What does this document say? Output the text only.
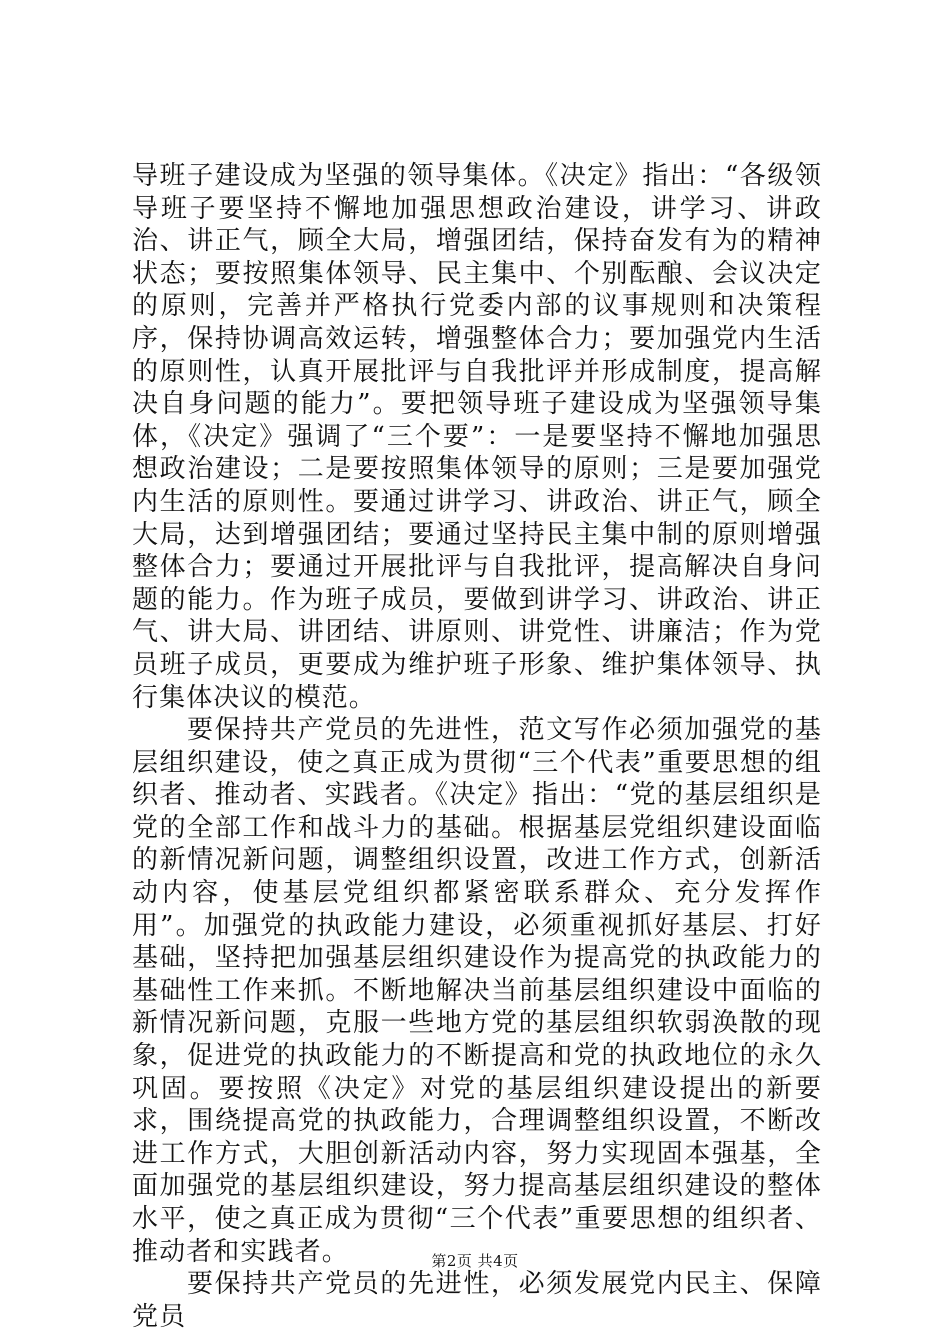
导班子建设成为坚强的领导集体。《决定》指出：“各级领导班子要坚持不懈地加强思想政治建设，讲学习、讲政治、讲正气，顾全大局，增强团结，保持奋发有为的精神状态；要按照集体领导、民主集中、个别酝酿、会议决定的原则，完善并严格执行党委内部的议事规则和决策程序，保持协调高效运转，增强整体合力；要加强党内生活的原则性，认真开展批评与自我批评并形成制度，提高解决自身问题的能力”。要把领导班子建设成为坚强领导集体，《决定》强调了“三个要”：一是要坚持不懈地加强思想政治建设；二是要按照集体领导的原则；三是要加强党内生活的原则性。要通过讲学习、讲政治、讲正气，顾全大局，达到增强团结；要通过坚持民主集中制的原则增强整体合力；要通过开展批评与自我批评，提高解决自身问题的能力。作为班子成员，要做到讲学习、讲政治、讲正气、讲大局、讲团结、讲原则、讲党性、讲廉洁；作为党员班子成员，更要成为维护班子形象、维护集体领导、执行集体决议的模范。

要保持共产党员的先进性，范文写作必须加强党的基层组织建设，使之真正成为贯彻“三个代表”重要思想的组织者、推动者、实践者。《决定》指出：“党的基层组织是党的全部工作和战斗力的基础。根据基层党组织建设面临的新情况新问题，调整组织设置，改进工作方式，创新活动内容，使基层党组织都紧密联系群众、充分发挥作用”。加强党的执政能力建设，必须重视抓好基层、打好基础，坚持把加强基层组织建设作为提高党的执政能力的基础性工作来抓。不断地解决当前基层组织建设中面临的新情况新问题，克服一些地方党的基层组织软弱涣散的现象，促进党的执政能力的不断提高和党的执政地位的永久巩固。要按照《决定》对党的基层组织建设提出的新要求，围绕提高党的执政能力，合理调整组织设置，不断改进工作方式，大胆创新活动内容，努力实现固本强基，全面加强党的基层组织建设，努力提高基层组织建设的整体水平，使之真正成为贯彻“三个代表”重要思想的组织者、推动者和实践者。

要保持共产党员的先进性，必须发展党内民主、保障党员

第2页 共4页
